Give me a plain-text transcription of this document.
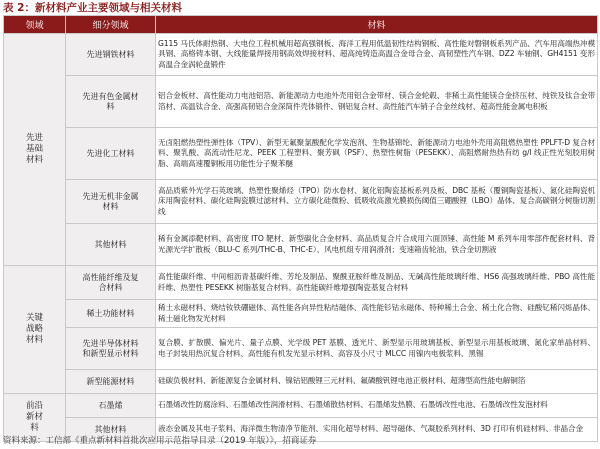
表 2：新材料产业主要领域与相关材料
领域	细分领域	材料
先进基础材料	先进钢铁材料	G115 马氏体耐热钢、大电位工程机械用超高强钢板、海洋工程用低温韧性结构钢板、高性能対磐钢板系列产品、汽车用高端热冲模具钢、高格铸本钢、大线能量焊接用钢高效焊接材料、超高纯铸造高温合金母合金、高韧塑性汽车钢、DZ2 车轴钢、GH4151 变形高温合金涡轮盘锻件
	先进有色金属材料	铝合金板材、高性能动力电池铝箔、新能源动力电池外壳用铝合金带材、镁合金轮毂、非稀土高性能镁合金挤压材、纯铁及钛合金带箔材、高温钛合金、高强高韧铝合金深简件壳体锻件、钢铝复合材、高性能汽车销子合金丝线材、超高性能金属电积板
	先进化工材料	无卤阻燃热塑性弹性体（TPV）、新型无氟聚氯酸配化学发泡剂、生物基锦纶、新能源动力电池外壳用高阻燃热塑性 PPLFT-D 复合材料、聚乳酸、高流动性尼龙、PEEK 工程塑料、聚芳砜（PSF）、热塑性树脂（PESEKK）、高阻燃耐热热有纺 g/l 线正性光刻胶用树脂、高端高速覆铜板用功能性分子聚苯醚
	先进无机非金属材料	高品质紫外光学石英玻璃、热塑性聚烯烃（TPO）防水卷材、氮化铝陶瓷基板系列及板、DBC 基板（覆铜陶瓷基板）、氮化硅陶瓷机床用陶瓷材料、碳化硅陶瓷膜过滤材料、立方碳化硅微粉、低吸收高激光膜损伤阈值三硼酸锂（LBO）晶体、复合高碳钢分树脂切割线
	其他材料	稀有金属添靶材料、高密度 ITO 靶材、新型碳化合金材料、高品质复合片合成用六面顶锤、高性能 M 系列车用零部件配套材料、背光源光学扩散板（BLU-C 系列/THC-B、THC-E）、风电机组专用润滑剂；变速箱齿轮油、铁合金切割液
关键战略材料	高性能纤维及复合材料	高性能碳纤维、中间相沥青基碳纤维、芳纶及制品、聚酰亚胺纤维及制品、无碱高性能玻璃纤维、HS6 高强玻璃纤维、PBO 高性能纤维、热塑性 PESEKK 树脂基复合材料、高性能碳纤维增强陶瓷基复合材料
	稀土功能材料	稀土永磁材料、烧结钕铁硼磁体、高性能各向异性粘结磁体、高性能钐钴永磁体、特种稀土合金、稀土化合物、硅酸钇稀闪烁晶体、稀土磁化物发光材料
	先进半导体材料和新型显示材料	复合膜、扩散膜、偏光片、量子点膜、光学级 PET 基膜、透光片、新型显示用玻璃基板、新型显示用基板玻璃、氮化家单晶材料、电子封装用热沉复合材料、高性能有机发光显示材料、高容及小尺寸 MLCC 用镍内电极浆料、黑锡
	新型能源材料	硅碳负极材料、新能源复合金属材料、镍钴铝酸锂三元材料、氟磷酸钒锂电池正极材料、超薄型高性能电解铜箔
前沿新材料	石墨烯	石墨烯改性防腐涂料、石墨烯改性润滑材料、石墨烯散热材料、石墨烯发热膜、石墨烯改性电池、石墨烯改性发泡材料
	其他材料	液态金属及其电子浆料、海洋微生物清净节能剂、实用化超导材料、超导磁体、气凝胶系列材料、3D 打印有机硅材料、非晶合金
资料来源：工信部《重点新材料首批次应用示范指导目录（2019 年版）》，招商证券
